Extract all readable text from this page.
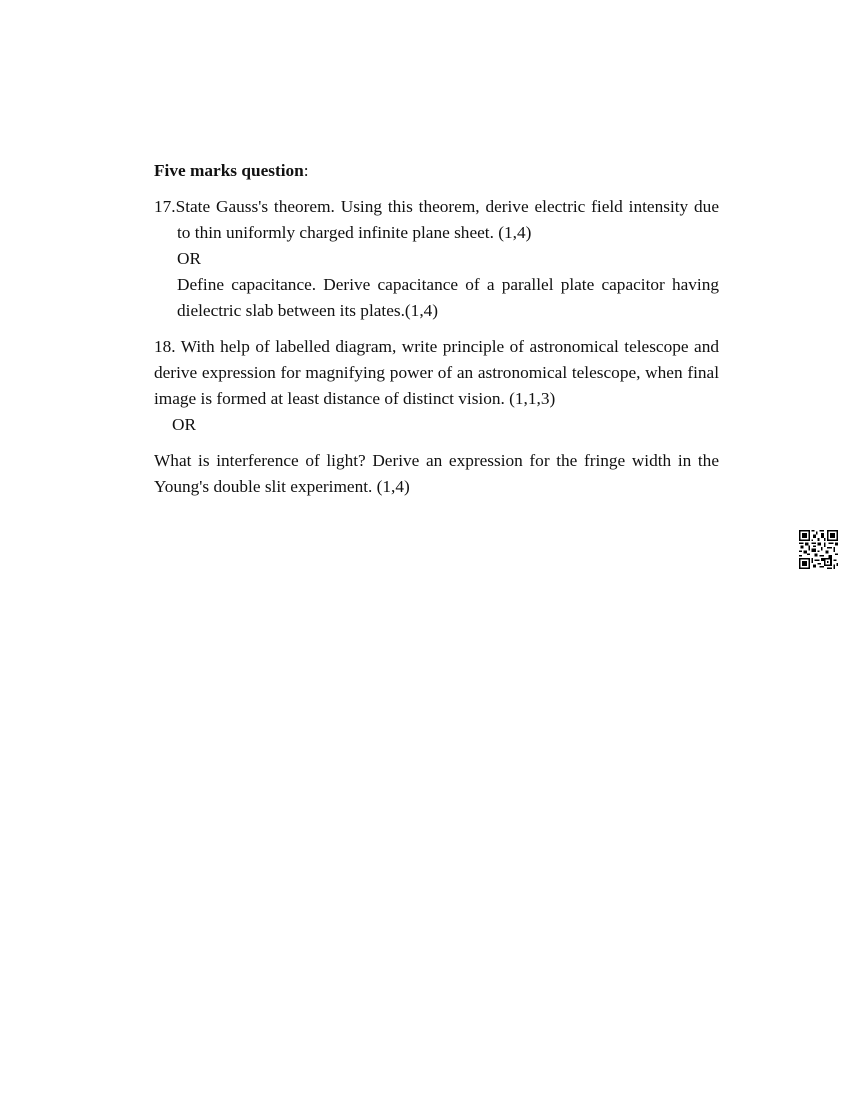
Five marks question:

17.State Gauss's theorem. Using this theorem, derive electric field intensity due to thin uniformly charged infinite plane sheet. (1,4)

OR

Define capacitance. Derive capacitance of a parallel plate capacitor having dielectric slab between its plates.(1,4)

18. With help of labelled diagram, write principle of astronomical telescope and derive expression for magnifying power of an astronomical telescope, when final image is formed at least distance of distinct vision. (1,1,3)

OR

What is interference of light? Derive an expression for the fringe width in the Young's double slit experiment. (1,4)
